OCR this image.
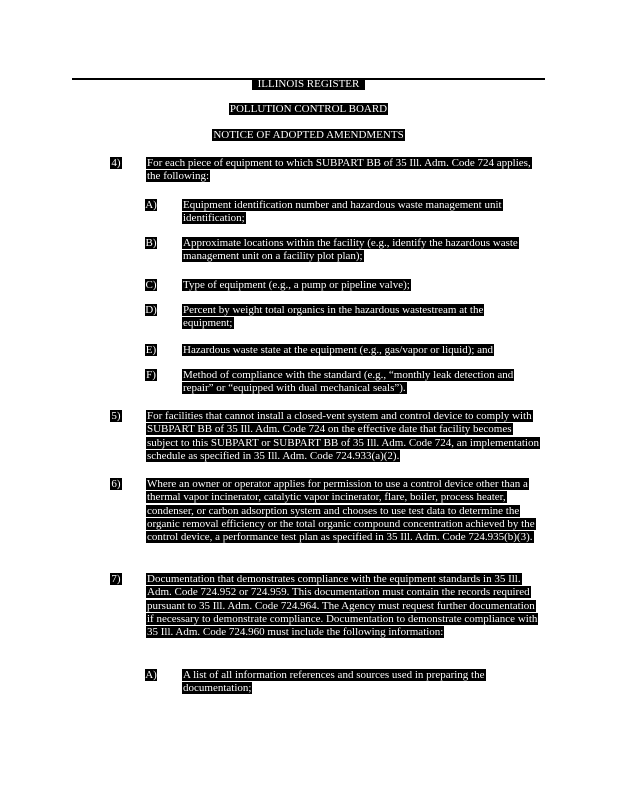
ILLINOIS REGISTER
POLLUTION CONTROL BOARD
NOTICE OF ADOPTED AMENDMENTS
4) For each piece of equipment to which SUBPART BB of 35 Ill. Adm. Code 724 applies, the following:
A) Equipment identification number and hazardous waste management unit identification;
B) Approximate locations within the facility (e.g., identify the hazardous waste management unit on a facility plot plan);
C) Type of equipment (e.g., a pump or pipeline valve);
D) Percent by weight total organics in the hazardous wastestream at the equipment;
E) Hazardous waste state at the equipment (e.g., gas/vapor or liquid); and
F) Method of compliance with the standard (e.g., “monthly leak detection and repair” or “equipped with dual mechanical seals”).
5) For facilities that cannot install a closed-vent system and control device to comply with SUBPART BB of 35 Ill. Adm. Code 724 on the effective date that facility becomes subject to this SUBPART or SUBPART BB of 35 Ill. Adm. Code 724, an implementation schedule as specified in 35 Ill. Adm. Code 724.933(a)(2).
6) Where an owner or operator applies for permission to use a control device other than a thermal vapor incinerator, catalytic vapor incinerator, flare, boiler, process heater, condenser, or carbon adsorption system and chooses to use test data to determine the organic removal efficiency or the total organic compound concentration achieved by the control device, a performance test plan as specified in 35 Ill. Adm. Code 724.935(b)(3).
7) Documentation that demonstrates compliance with the equipment standards in 35 Ill. Adm. Code 724.952 or 724.959. This documentation must contain the records required pursuant to 35 Ill. Adm. Code 724.964. The Agency must request further documentation if necessary to demonstrate compliance. Documentation to demonstrate compliance with 35 Ill. Adm. Code 724.960 must include the following information:
A) A list of all information references and sources used in preparing the documentation;
